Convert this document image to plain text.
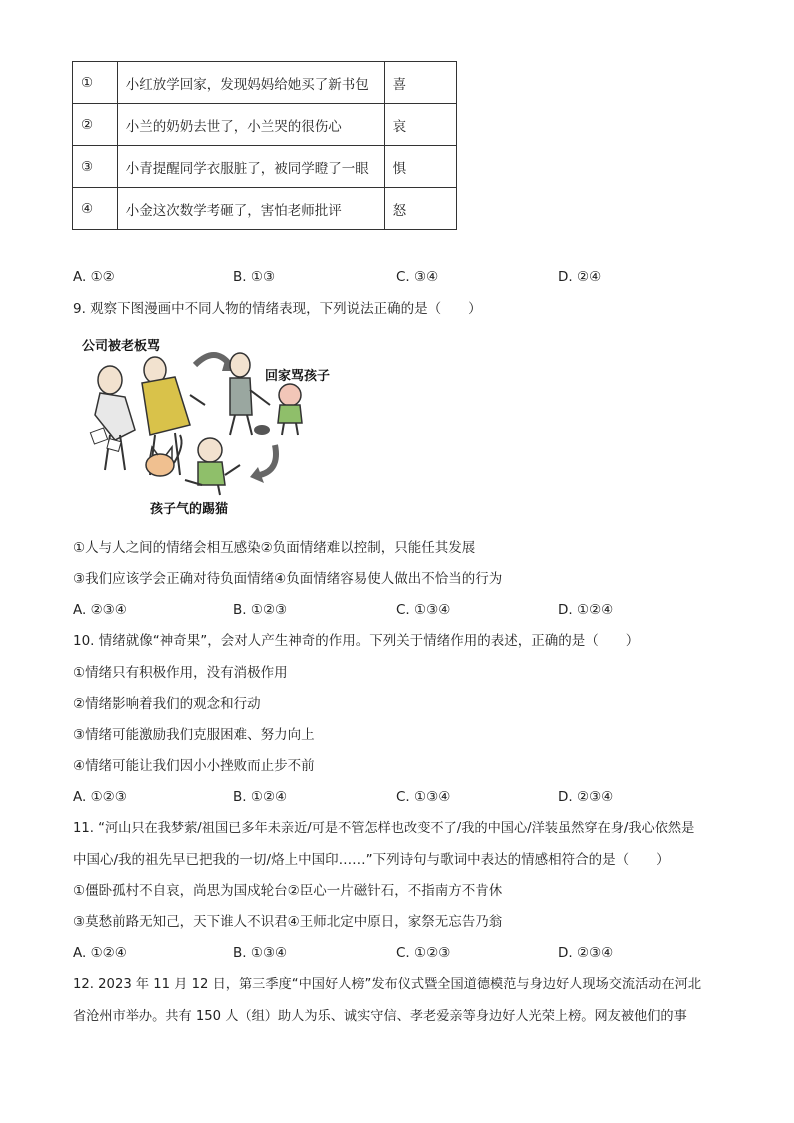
①	小红放学回家，发现妈妈给她买了新书包	喜
②	小兰的奶奶去世了，小兰哭的很伤心	哀
③	小青提醒同学衣服脏了，被同学瞪了一眼	惧
④	小金这次数学考砸了，害怕老师批评	怒
A. ①②	B. ①③	C. ③④	D. ②④
9. 观察下图漫画中不同人物的情绪表现，下列说法正确的是（　　）
公司被老板骂
回家骂孩子
孩子气的踢猫
①人与人之间的情绪会相互感染②负面情绪难以控制，只能任其发展
③我们应该学会正确对待负面情绪④负面情绪容易使人做出不恰当的行为
A. ②③④	B. ①②③	C. ①③④	D. ①②④
10. 情绪就像“神奇果”，会对人产生神奇的作用。下列关于情绪作用的表述，正确的是（　　）
①情绪只有积极作用，没有消极作用
②情绪影响着我们的观念和行动
③情绪可能激励我们克服困难、努力向上
④情绪可能让我们因小小挫败而止步不前
A. ①②③	B. ①②④	C. ①③④	D. ②③④
11. “河山只在我梦萦/祖国已多年未亲近/可是不管怎样也改变不了/我的中国心/洋装虽然穿在身/我心依然是
中国心/我的祖先早已把我的一切/烙上中国印……”下列诗句与歌词中表达的情感相符合的是（　　）
①僵卧孤村不自哀，尚思为国戍轮台②臣心一片磁针石，不指南方不肯休
③莫愁前路无知己，天下谁人不识君④王师北定中原日，家祭无忘告乃翁
A. ①②④	B. ①③④	C. ①②③	D. ②③④
12. 2023 年 11 月 12 日，第三季度“中国好人榜”发布仪式暨全国道德模范与身边好人现场交流活动在河北
省沧州市举办。共有 150 人（组）助人为乐、诚实守信、孝老爱亲等身边好人光荣上榜。网友被他们的事
